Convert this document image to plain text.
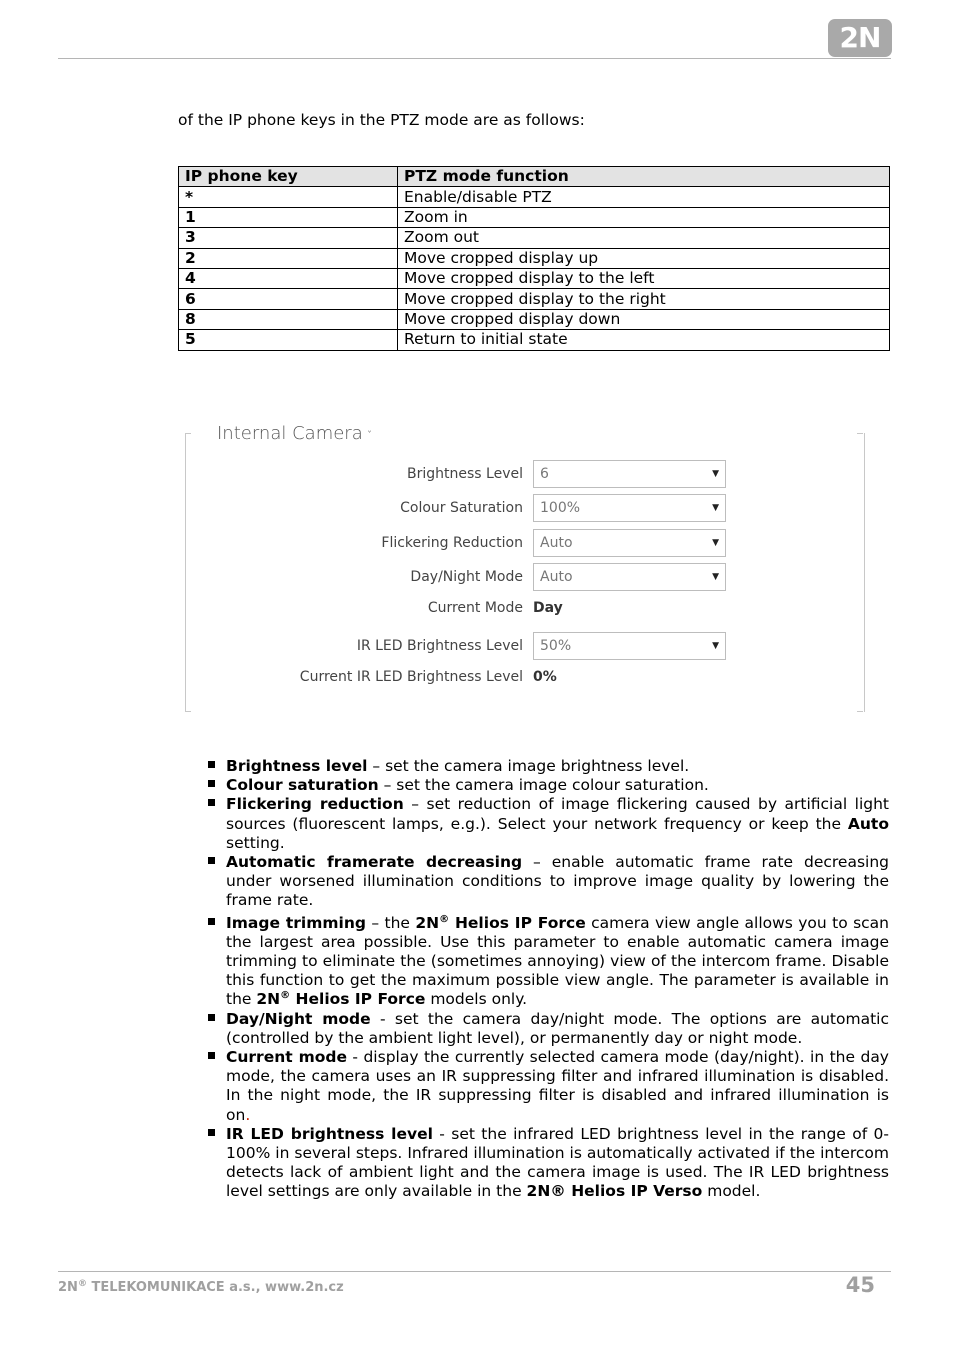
2N
of the IP phone keys in the PTZ mode are as follows:
IP phone key	PTZ mode function
*	Enable/disable PTZ
1	Zoom in
3	Zoom out
2	Move cropped display up
4	Move cropped display to the left
6	Move cropped display to the right
8	Move cropped display down
5	Return to initial state
Internal Camera ˇ
Brightness Level	6	▼
Colour Saturation	100%	▼
Flickering Reduction	Auto	▼
Day/Night Mode	Auto	▼
Current Mode Day
IR LED Brightness Level	50%	▼
Current IR LED Brightness Level 0%
Brightness level – set the camera image brightness level.
Colour saturation – set the camera image colour saturation.
Flickering reduction – set reduction of image flickering caused by artificial light sources (fluorescent lamps, e.g.). Select your network frequency or keep the Auto setting.
Automatic framerate decreasing – enable automatic frame rate decreasing under worsened illumination conditions to improve image quality by lowering the frame rate.
Image trimming – the 2N® Helios IP Force camera view angle allows you to scan the largest area possible. Use this parameter to enable automatic camera image trimming to eliminate the (sometimes annoying) view of the intercom frame. Disable this function to get the maximum possible view angle. The parameter is available in the 2N® Helios IP Force models only.
Day/Night mode - set the camera day/night mode. The options are automatic (controlled by the ambient light level), or permanently day or night mode.
Current mode - display the currently selected camera mode (day/night). in the day mode, the camera uses an IR suppressing filter and infrared illumination is disabled. In the night mode, the IR suppressing filter is disabled and infrared illumination is on.
IR LED brightness level - set the infrared LED brightness level in the range of 0-100% in several steps. Infrared illumination is automatically activated if the intercom detects lack of ambient light and the camera image is used. The IR LED brightness level settings are only available in the 2N® Helios IP Verso model.
2N® TELEKOMUNIKACE a.s., www.2n.cz	45
